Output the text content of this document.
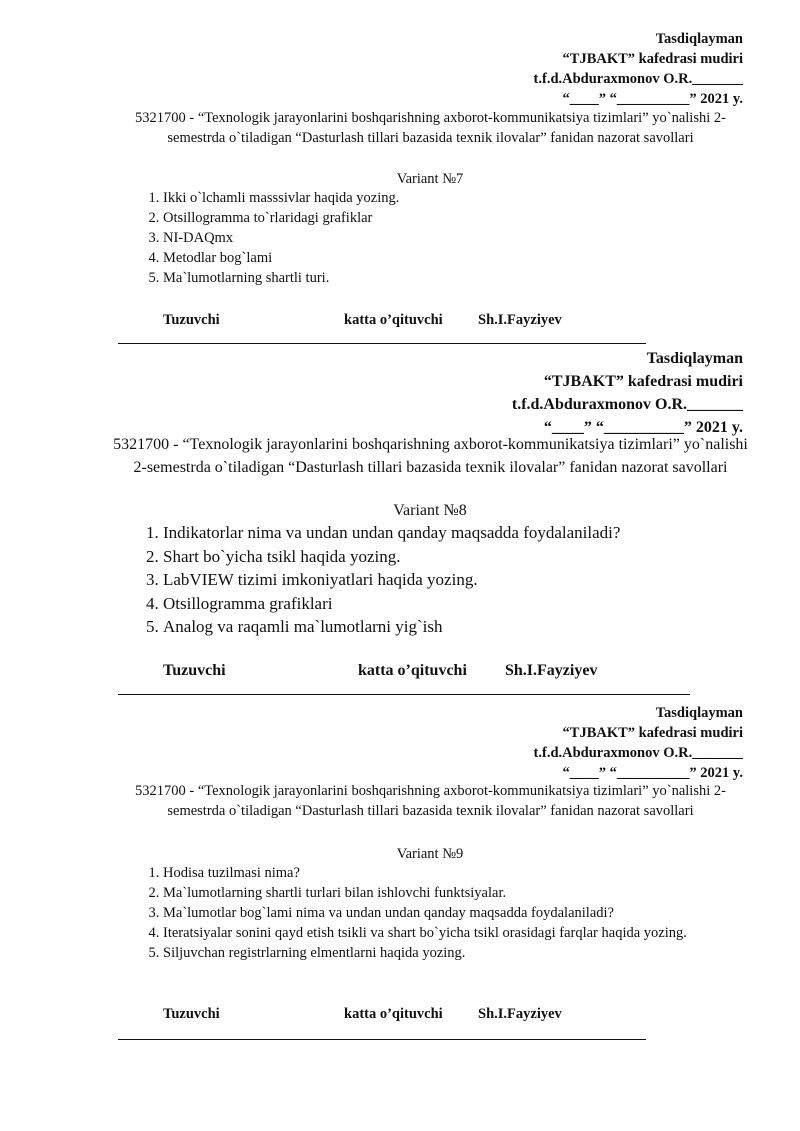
Tasdiqlayman
“TJBAKT” kafedrasi mudiri
t.f.d.Abduraxmonov O.R._______
“____” “__________” 2021 y.
5321700 - “Texnologik jarayonlarini boshqarishning axborot-kommunikatsiya tizimlari” yo`nalishi 2-semestrda o`tiladigan “Dasturlash tillari bazasida texnik ilovalar” fanidan nazorat savollari
Variant №7
1. Ikki o`lchamli masssivlar haqida yozing.
2. Otsillogramma to`rlaridagi grafiklar
3. NI-DAQmx
4. Metodlar bog`lami
5. Ma`lumotlarning shartli turi.
Tuzuvchi	katta o’qituvchi Sh.I.Fayziyev
Tasdiqlayman
“TJBAKT” kafedrasi mudiri
t.f.d.Abduraxmonov O.R._______
“____” “__________” 2021 y.
5321700 - “Texnologik jarayonlarini boshqarishning axborot-kommunikatsiya tizimlari” yo`nalishi 2-semestrda o`tiladigan “Dasturlash tillari bazasida texnik ilovalar” fanidan nazorat savollari
Variant №8
1. Indikatorlar nima va undan undan qanday maqsadda foydalaniladi?
2. Shart bo`yicha tsikl haqida yozing.
3. LabVIEW tizimi imkoniyatlari haqida yozing.
4. Otsillogramma grafiklari
5. Analog va raqamli ma`lumotlarni yig`ish
Tuzuvchi	katta o’qituvchi Sh.I.Fayziyev
Tasdiqlayman
“TJBAKT” kafedrasi mudiri
t.f.d.Abduraxmonov O.R._______
“____” “__________” 2021 y.
5321700 - “Texnologik jarayonlarini boshqarishning axborot-kommunikatsiya tizimlari” yo`nalishi 2-semestrda o`tiladigan “Dasturlash tillari bazasida texnik ilovalar” fanidan nazorat savollari
Variant №9
1. Hodisa tuzilmasi nima?
2. Ma`lumotlarning shartli turlari bilan ishlovchi funktsiyalar.
3. Ma`lumotlar bog`lami nima va undan undan qanday maqsadda foydalaniladi?
4. Iteratsiyalar sonini qayd etish tsikli va shart bo`yicha tsikl orasidagi farqlar haqida yozing.
5. Siljuvchan registrlarning elmentlarni haqida yozing.
Tuzuvchi	katta o’qituvchi Sh.I.Fayziyev
